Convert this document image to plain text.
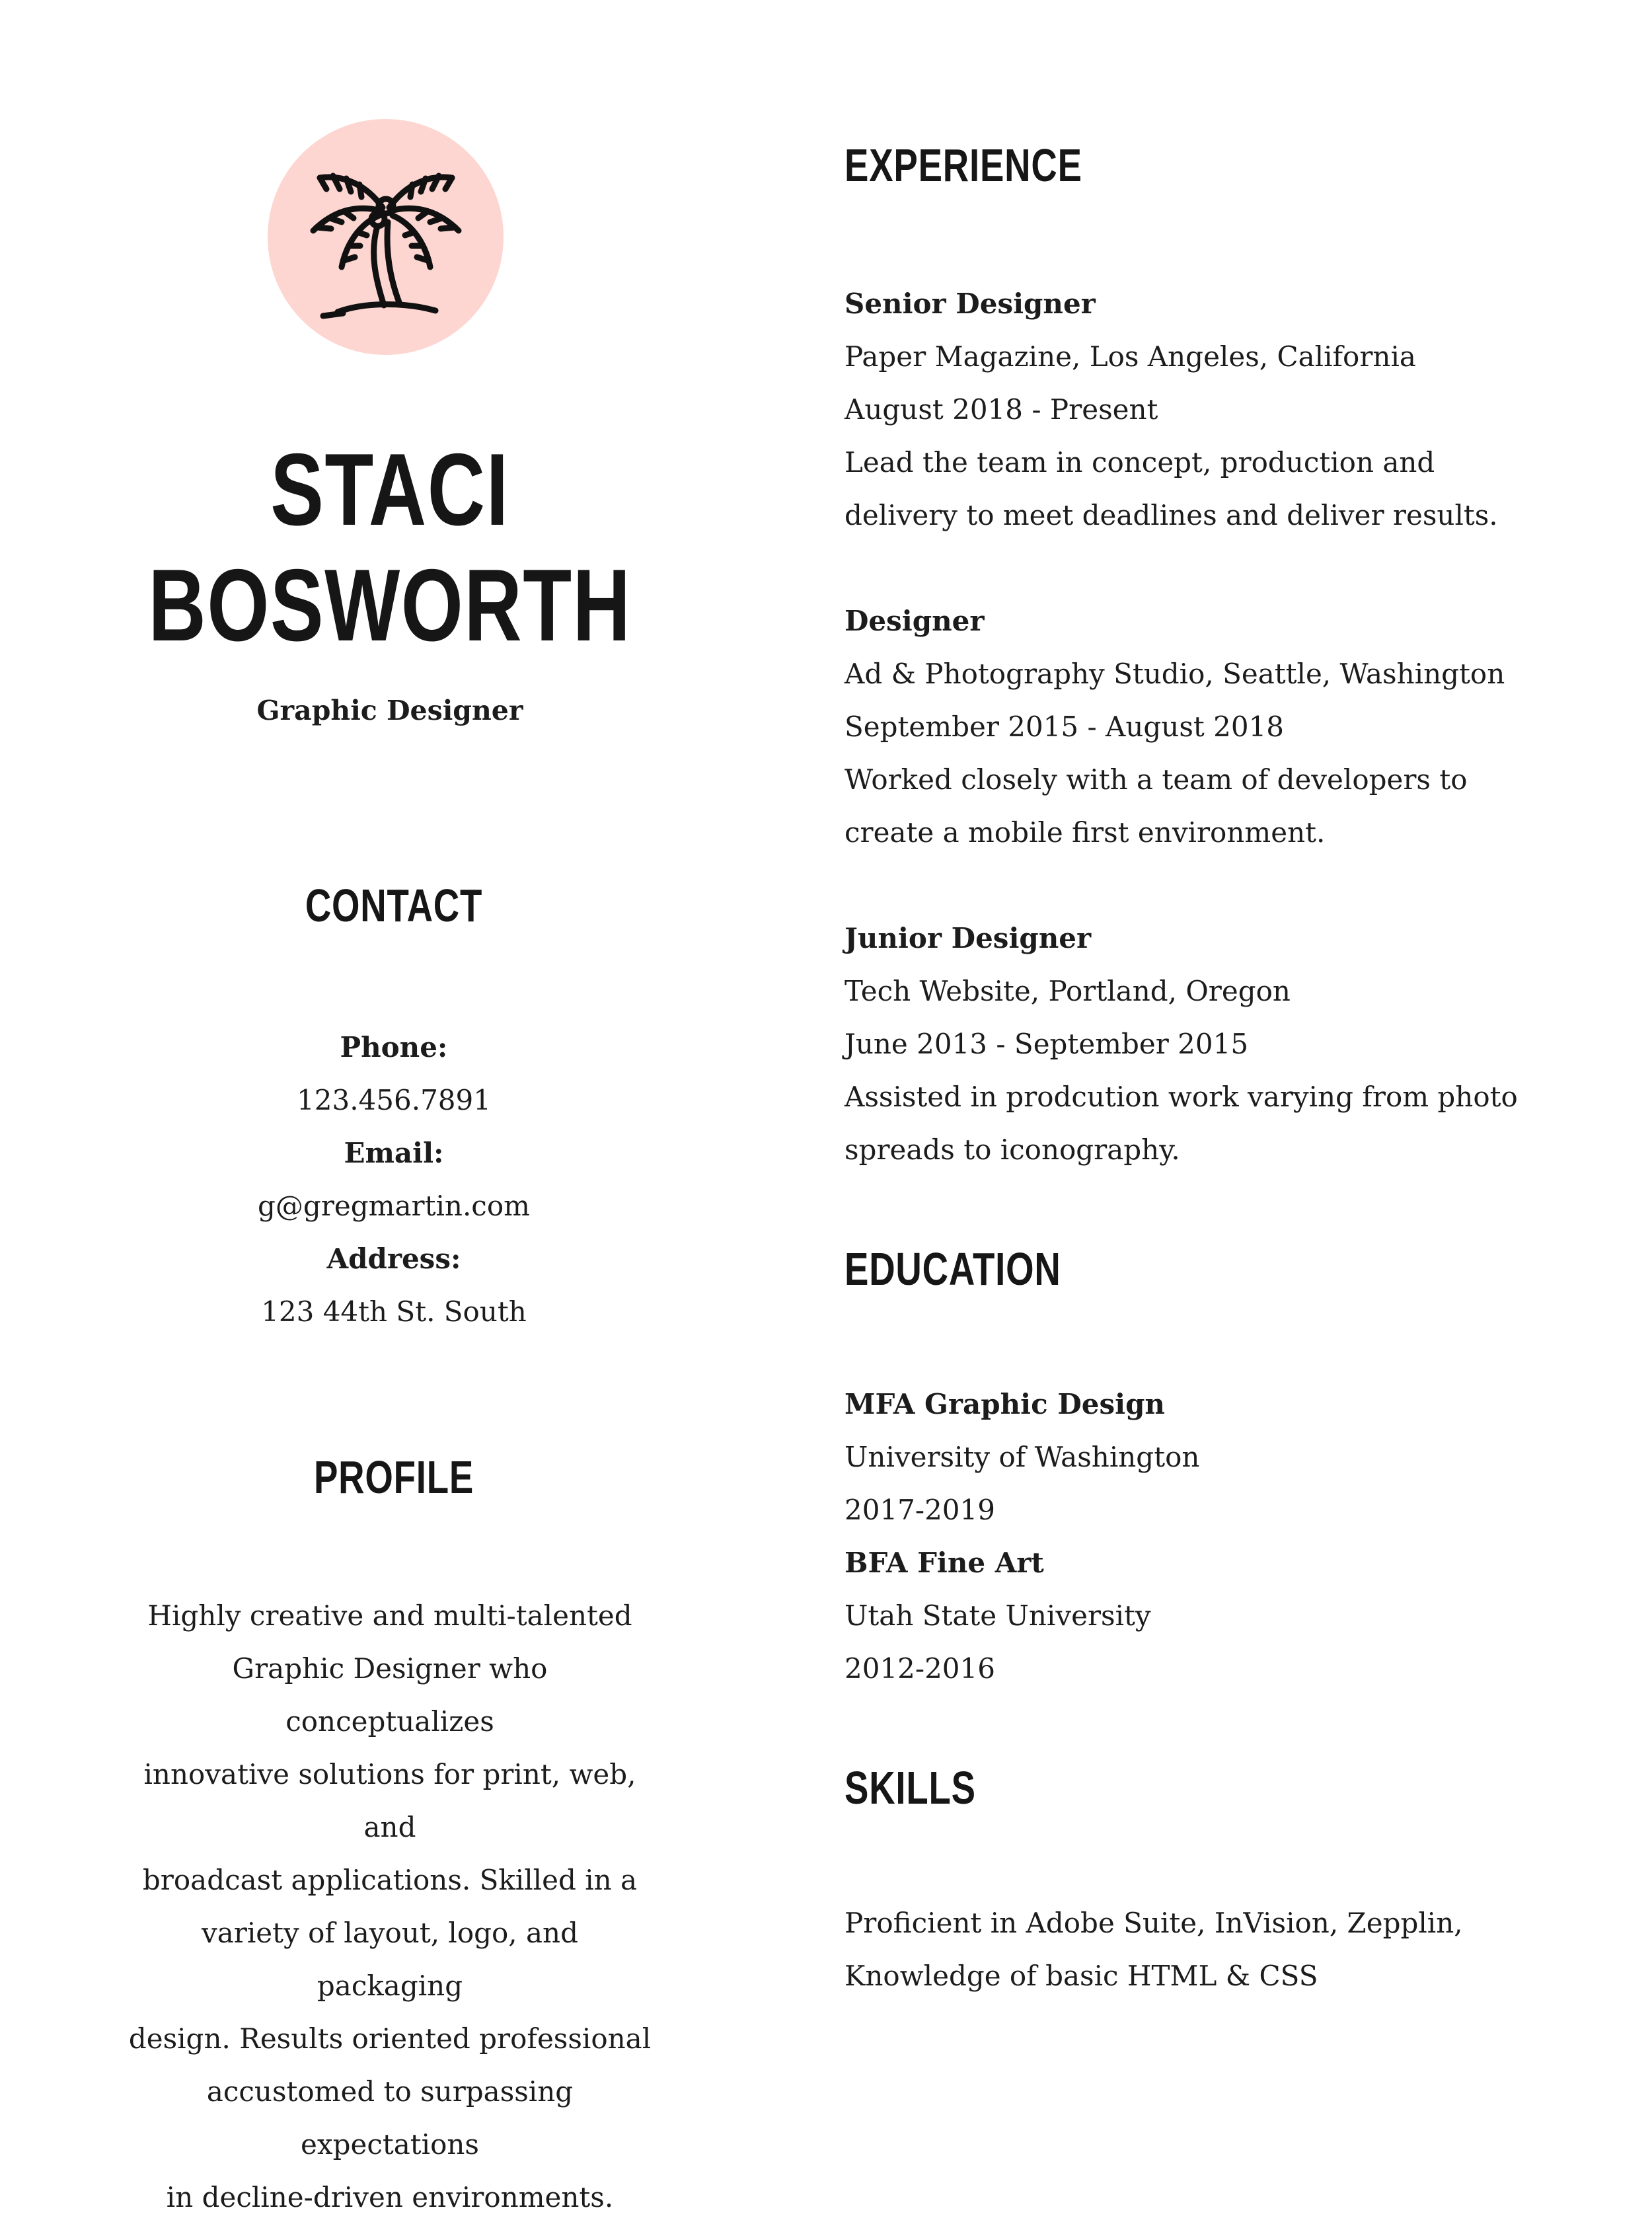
STACI
BOSWORTH
Graphic Designer
CONTACT
Phone:
123.456.7891
Email:
g@gregmartin.com
Address:
123 44th St. South
PROFILE
Highly creative and multi-talented
Graphic Designer who conceptualizes
innovative solutions for print, web, and
broadcast applications. Skilled in a
variety of layout, logo, and packaging
design. Results oriented professional
accustomed to surpassing expectations
in decline-driven environments.
EXPERIENCE
Senior Designer
Paper Magazine, Los Angeles, California
August 2018 - Present
Lead the team in concept, production and
delivery to meet deadlines and deliver results.
Designer
Ad & Photography Studio, Seattle, Washington
September 2015 - August 2018
Worked closely with a team of developers to
create a mobile first environment.
Junior Designer
Tech Website, Portland, Oregon
June 2013 - September 2015
Assisted in prodcution work varying from photo
spreads to iconography.
EDUCATION
MFA Graphic Design
University of Washington
2017-2019
BFA Fine Art
Utah State University
2012-2016
SKILLS
Proficient in Adobe Suite, InVision, Zepplin,
Knowledge of basic HTML & CSS
